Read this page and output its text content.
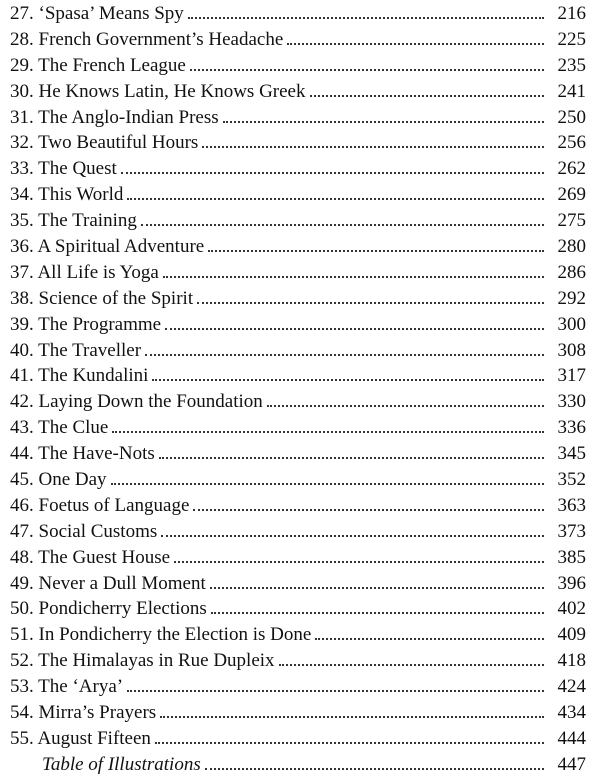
27. ‘Spasa’ Means Spy	216
28. French Government’s Headache	225
29. The French League	235
30. He Knows Latin, He Knows Greek	241
31. The Anglo-Indian Press	250
32. Two Beautiful Hours	256
33. The Quest	262
34. This World	269
35. The Training	275
36. A Spiritual Adventure	280
37. All Life is Yoga	286
38. Science of the Spirit	292
39. The Programme	300
40. The Traveller	308
41. The Kundalini	317
42. Laying Down the Foundation	330
43. The Clue	336
44. The Have-Nots	345
45. One Day	352
46. Foetus of Language	363
47. Social Customs	373
48. The Guest House	385
49. Never a Dull Moment	396
50. Pondicherry Elections	402
51. In Pondicherry the Election is Done	409
52. The Himalayas in Rue Dupleix	418
53. The ‘Arya’	424
54. Mirra’s Prayers	434
55. August Fifteen	444
Table of Illustrations	447
